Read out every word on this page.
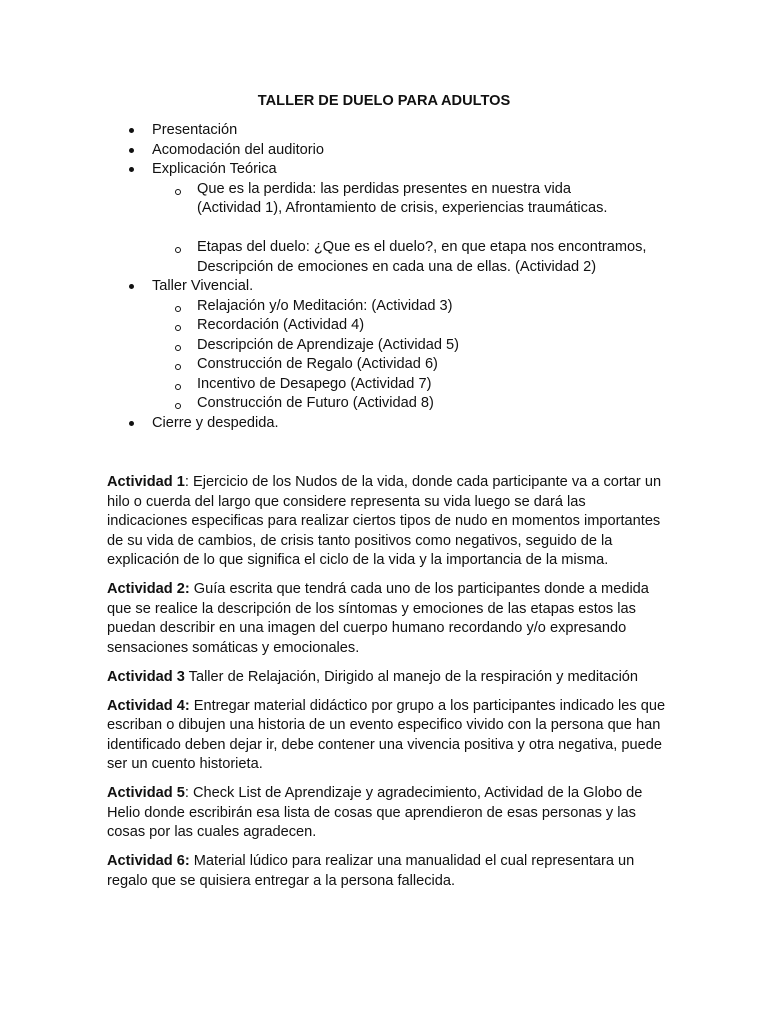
TALLER DE DUELO PARA ADULTOS
Presentación
Acomodación del auditorio
Explicación Teórica
Que es la perdida: las perdidas presentes en nuestra vida
(Actividad 1), Afrontamiento de crisis, experiencias traumáticas.
Etapas del duelo: ¿Que es el duelo?, en que etapa nos encontramos,
Descripción de emociones en cada una de ellas. (Actividad 2)
Taller Vivencial.
Relajación y/o Meditación: (Actividad 3)
Recordación (Actividad 4)
Descripción de Aprendizaje (Actividad 5)
Construcción de Regalo (Actividad 6)
Incentivo de Desapego (Actividad 7)
Construcción de Futuro (Actividad 8)
Cierre y despedida.

Actividad 1: Ejercicio de los Nudos de la vida, donde cada participante va a cortar un hilo o cuerda del largo que considere representa su vida luego se dará las indicaciones especificas para realizar ciertos tipos de nudo en momentos importantes de su vida de cambios, de crisis tanto positivos como negativos, seguido de la explicación de lo que significa el ciclo de la vida y la importancia de la misma.

Actividad 2: Guía escrita que tendrá cada uno de los participantes donde a medida que se realice la descripción de los síntomas y emociones de las etapas estos las puedan describir en una imagen del cuerpo humano recordando y/o expresando sensaciones somáticas y emocionales.

Actividad 3 Taller de Relajación, Dirigido al manejo de la respiración y meditación

Actividad 4: Entregar material didáctico por grupo a los participantes indicado les que escriban o dibujen una historia de un evento especifico vivido con la persona que han identificado deben dejar ir, debe contener una vivencia positiva y otra negativa, puede ser un cuento historieta.

Actividad 5: Check List de Aprendizaje y agradecimiento, Actividad de la Globo de Helio donde escribirán esa lista de cosas que aprendieron de esas personas y las cosas por las cuales agradecen.

Actividad 6: Material lúdico para realizar una manualidad el cual representara un regalo que se quisiera entregar a la persona fallecida.
